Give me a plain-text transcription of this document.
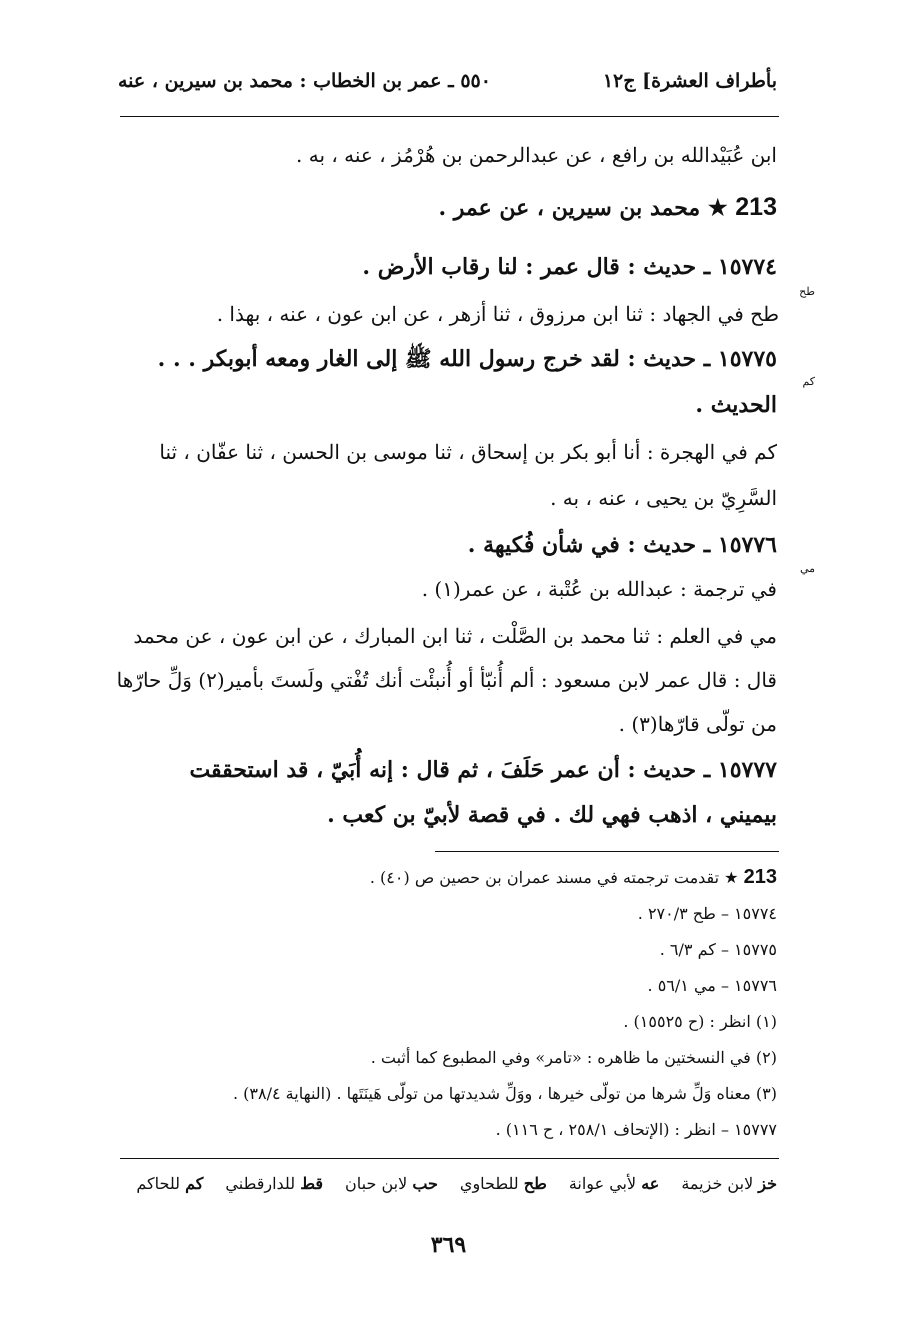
بأطراف العشرة] ج١٢
٥٥٠ ـ عمر بن الخطاب : محمد بن سيرين ، عنه
ابن عُبَيْدالله بن رافع ، عن عبدالرحمن بن هُرْمُز ، عنه ، به .
213 ★ محمد بن سيرين ، عن عمر .
١٥٧٧٤ ـ حديث : قال عمر : لنا رقاب الأرض .
طح
طح في الجهاد : ثنا ابن مرزوق ، ثنا أزهر ، عن ابن عون ، عنه ، بهذا .
١٥٧٧٥ ـ حديث : لقد خرج رسول الله ﷺ إلى الغار ومعه أبوبكر . . .
كم
الحديث .
كم في الهجرة : أنا أبو بكر بن إسحاق ، ثنا موسى بن الحسن ، ثنا عفّان ، ثنا
السَّرِيّ بن يحيى ، عنه ، به .
١٥٧٧٦ ـ حديث : في شأن فُكيهة .
مي
في ترجمة : عبدالله بن عُتْبة ، عن عمر(١) .
مي في العلم : ثنا محمد بن الصَّلْت ، ثنا ابن المبارك ، عن ابن عون ، عن محمد
قال : قال عمر لابن مسعود : ألم أُنبّأ أو أُنبئْت أنك تُفْتي ولَستَ بأمير(٢) وَلِّ حارّها
من تولّى قارّها(٣) .
١٥٧٧٧ ـ حديث : أن عمر حَلَفَ ، ثم قال : إنه أُبَيّ ، قد استحققت
بيميني ، اذهب فهي لك . في قصة لأبيّ بن كعب .
213 ★ تقدمت ترجمته في مسند عمران بن حصين ص (٤٠) .
١٥٧٧٤ – طح ٢٧٠/٣ .
١٥٧٧٥ – كم ٦/٣ .
١٥٧٧٦ – مي ٥٦/١ .
(١) انظر : (ح ١٥٥٢٥) .
(٢) في النسختين ما ظاهره : «تامر» وفي المطبوع كما أثبت .
(٣) معناه وَلِّ شرها من تولّى خيرها ، ووَلِّ شديدتها من تولّى هَينَتَها . (النهاية ٣٨/٤) .
١٥٧٧٧ – انظر : (الإتحاف ٢٥٨/١ ، ح ١١٦) .
خز لابن خزيمة
عه لأبي عوانة
طح للطحاوي
حب لابن حبان
قط للدارقطني
كم للحاكم
٣٦٩
